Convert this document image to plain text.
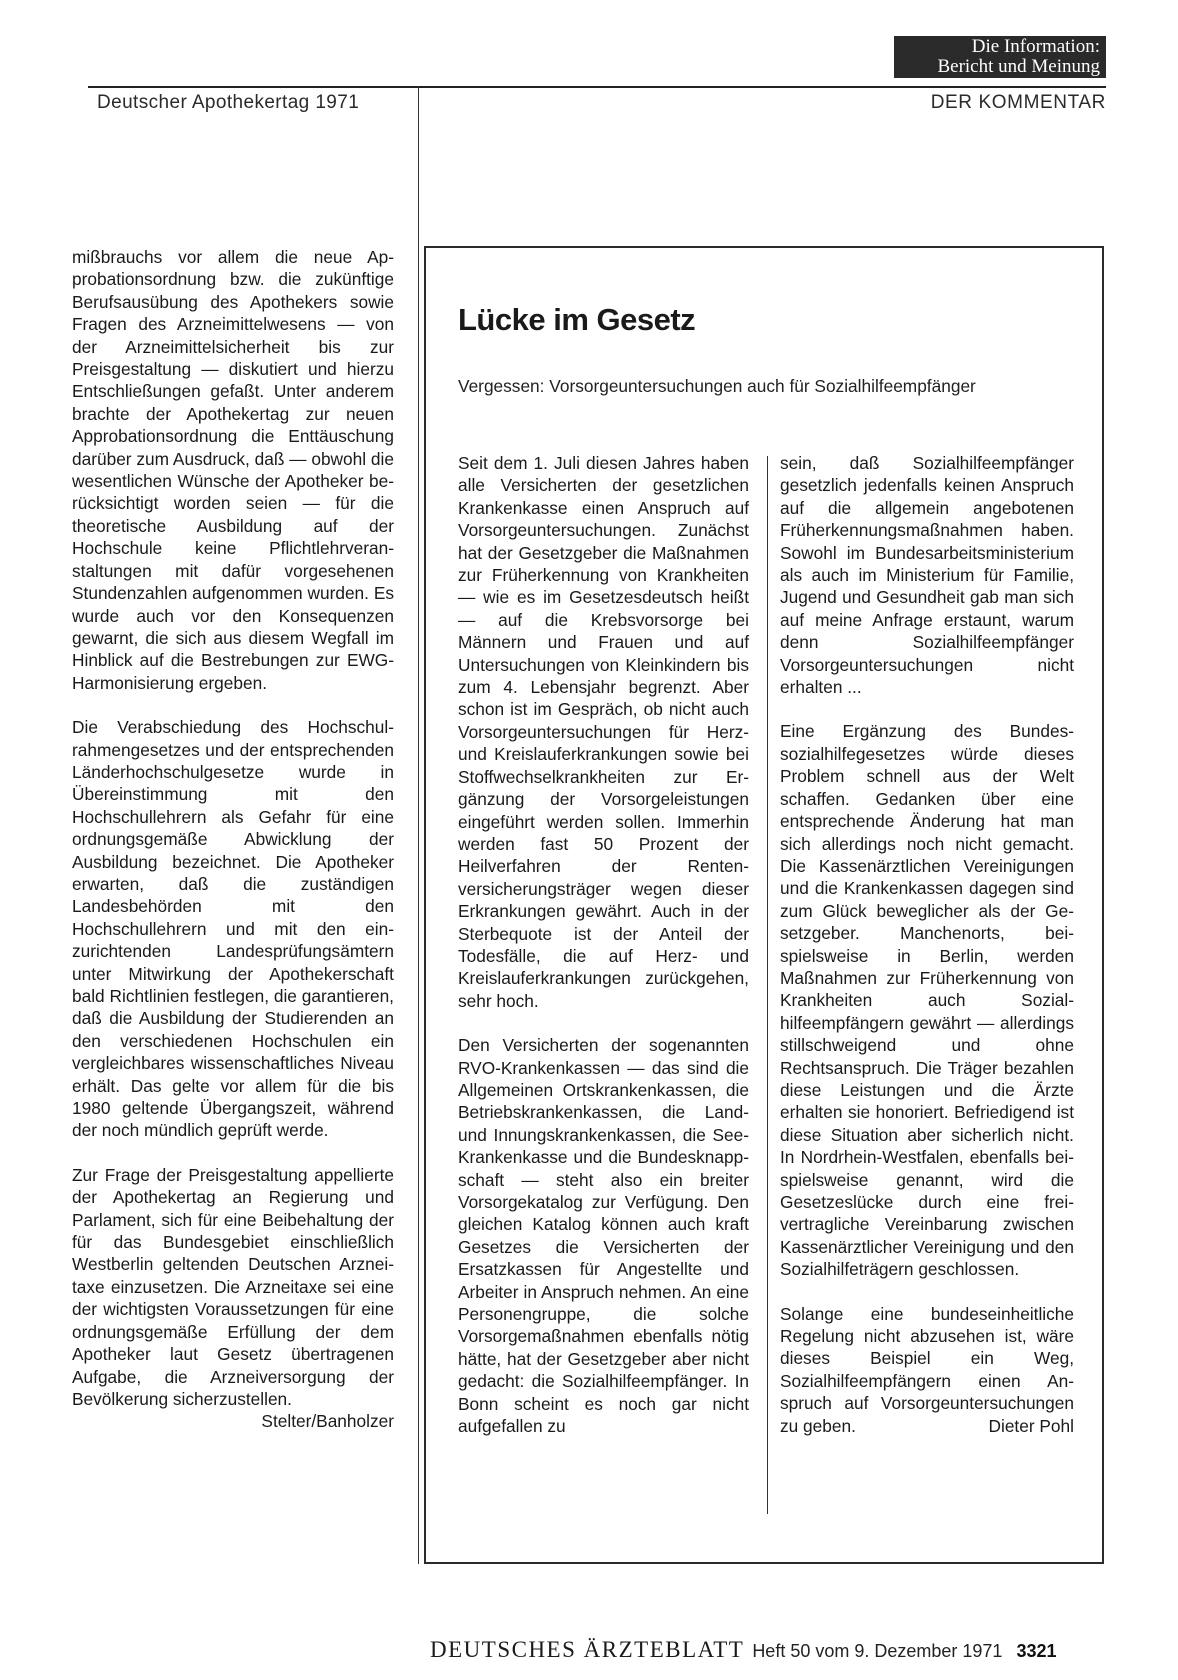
Die Information:
Bericht und Meinung
Deutscher Apothekertag 1971	DER KOMMENTAR

mißbrauchs vor allem die neue Approbationsordnung bzw. die zukünftige Berufsausübung des Apothekers sowie Fragen des Arzneimittelwesens — von der Arzneimittelsicherheit bis zur Preisgestaltung — diskutiert und hierzu Entschließungen gefaßt. Unter anderem brachte der Apothekertag zur neuen Approbationsordnung die Enttäuschung darüber zum Ausdruck, daß — obwohl die wesentlichen Wünsche der Apotheker berücksichtigt worden seien — für die theoretische Ausbildung auf der Hochschule keine Pflichtlehrveranstaltungen mit dafür vorgesehenen Stundenzahlen aufgenommen wurden. Es wurde auch vor den Konsequenzen gewarnt, die sich aus diesem Wegfall im Hinblick auf die Bestrebungen zur EWG-Harmonisierung ergeben.

Die Verabschiedung des Hochschulrahmengesetzes und der entsprechenden Länderhochschulgesetze wurde in Übereinstimmung mit den Hochschullehrern als Gefahr für eine ordnungsgemäße Abwicklung der Ausbildung bezeichnet. Die Apotheker erwarten, daß die zuständigen Landesbehörden mit den Hochschullehrern und mit den einzurichtenden Landesprüfungsämtern unter Mitwirkung der Apothekerschaft bald Richtlinien festlegen, die garantieren, daß die Ausbildung der Studierenden an den verschiedenen Hochschulen ein vergleichbares wissenschaftliches Niveau erhält. Das gelte vor allem für die bis 1980 geltende Übergangszeit, während der noch mündlich geprüft werde.

Zur Frage der Preisgestaltung appellierte der Apothekertag an Regierung und Parlament, sich für eine Beibehaltung der für das Bundesgebiet einschließlich Westberlin geltenden Deutschen Arzneitaxe einzusetzen. Die Arzneitaxe sei eine der wichtigsten Voraussetzungen für eine ordnungsgemäße Erfüllung der dem Apotheker laut Gesetz übertragenen Aufgabe, die Arzneiversorgung der Bevölkerung sicherzustellen.
Stelter/Banholzer

Lücke im Gesetz
Vergessen: Vorsorgeuntersuchungen auch für Sozialhilfeempfänger

Seit dem 1. Juli diesen Jahres haben alle Versicherten der gesetzlichen Krankenkasse einen Anspruch auf Vorsorgeuntersuchungen. Zunächst hat der Gesetzgeber die Maßnahmen zur Früherkennung von Krankheiten — wie es im Gesetzesdeutsch heißt — auf die Krebsvorsorge bei Männern und Frauen und auf Untersuchungen von Kleinkindern bis zum 4. Lebensjahr begrenzt. Aber schon ist im Gespräch, ob nicht auch Vorsorgeuntersuchungen für Herz- und Kreislauferkrankungen sowie bei Stoffwechselkrankheiten zur Ergänzung der Vorsorgeleistungen eingeführt werden sollen. Immerhin werden fast 50 Prozent der Heilverfahren der Rentenversicherungsträger wegen dieser Erkrankungen gewährt. Auch in der Sterbequote ist der Anteil der Todesfälle, die auf Herz- und Kreislauferkrankungen zurückgehen, sehr hoch.

Den Versicherten der sogenannten RVO-Krankenkassen — das sind die Allgemeinen Ortskrankenkassen, die Betriebskrankenkassen, die Land- und Innungskrankenkassen, die See-Krankenkasse und die Bundesknappschaft — steht also ein breiter Vorsorgekatalog zur Verfügung. Den gleichen Katalog können auch kraft Gesetzes die Versicherten der Ersatzkassen für Angestellte und Arbeiter in Anspruch nehmen. An eine Personengruppe, die solche Vorsorgemaßnahmen ebenfalls nötig hätte, hat der Gesetzgeber aber nicht gedacht: die Sozialhilfeempfänger. In Bonn scheint es noch gar nicht aufgefallen zu

sein, daß Sozialhilfeempfänger gesetzlich jedenfalls keinen Anspruch auf die allgemein angebotenen Früherkennungsmaßnahmen haben. Sowohl im Bundesarbeitsministerium als auch im Ministerium für Familie, Jugend und Gesundheit gab man sich auf meine Anfrage erstaunt, warum denn Sozialhilfeempfänger Vorsorgeuntersuchungen nicht erhalten ...

Eine Ergänzung des Bundessozialhilfegesetzes würde dieses Problem schnell aus der Welt schaffen. Gedanken über eine entsprechende Änderung hat man sich allerdings noch nicht gemacht. Die Kassenärztlichen Vereinigungen und die Krankenkassen dagegen sind zum Glück beweglicher als der Gesetzgeber. Manchenorts, beispielsweise in Berlin, werden Maßnahmen zur Früherkennung von Krankheiten auch Sozialhilfeempfängern gewährt — allerdings stillschweigend und ohne Rechtsanspruch. Die Träger bezahlen diese Leistungen und die Ärzte erhalten sie honoriert. Befriedigend ist diese Situation aber sicherlich nicht. In Nordrhein-Westfalen, ebenfalls beispielsweise genannt, wird die Gesetzeslücke durch eine freivertragliche Vereinbarung zwischen Kassenärztlicher Vereinigung und den Sozialhilfeträgern geschlossen.

Solange eine bundeseinheitliche Regelung nicht abzusehen ist, wäre dieses Beispiel ein Weg, Sozialhilfeempfängern einen Anspruch auf Vorsorgeuntersuchungen zu geben.	Dieter Pohl

DEUTSCHES ÄRZTEBLATT Heft 50 vom 9. Dezember 1971 3321
